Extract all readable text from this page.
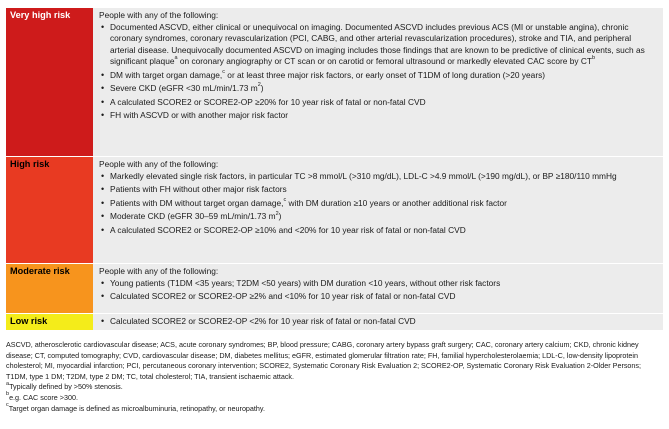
Very high risk	People with any of the following:
• Documented ASCVD, either clinical or unequivocal on imaging. Documented ASCVD includes previous ACS (MI or unstable angina), chronic coronary syndromes, coronary revascularization (PCI, CABG, and other arterial revascularization procedures), stroke and TIA, and peripheral arterial disease. Unequivocally documented ASCVD on imaging includes those findings that are known to be predictive of clinical events, such as significant plaque$^a$ on coronary angiography or CT scan or on carotid or femoral ultrasound or markedly elevated CAC score by $CT^b$
• DM with target organ damage,$^c$ or at least three major risk factors, or early onset of T1DM of long duration (>20 years)
• Severe CKD (eGFR <30 mL/min/1.73 $m^2$)
• A calculated SCORE2 or SCORE2-OP ≥20% for 10 year risk of fatal or non-fatal CVD
• FH with ASCVD or with another major risk factor
High risk	People with any of the following:
• Markedly elevated single risk factors, in particular TC >8 mmol/L (>310 mg/dL), LDL-C >4.9 mmol/L (>190 mg/dL), or BP ≥180/110 mmHg
• Patients with FH without other major risk factors
• Patients with DM without target organ damage,$^c$ with DM duration ≥10 years or another additional risk factor
• Moderate CKD (eGFR 30–59 mL/min/1.73 $m^2$)
• A calculated SCORE2 or SCORE2-OP ≥10% and <20% for 10 year risk of fatal or non-fatal CVD
Moderate risk	People with any of the following:
• Young patients (T1DM <35 years; T2DM <50 years) with DM duration <10 years, without other risk factors
• Calculated SCORE2 or SCORE2-OP ≥2% and <10% for 10 year risk of fatal or non-fatal CVD
Low risk
•	Calculated SCORE2 or SCORE2-OP <2% for 10 year risk of fatal or non-fatal CVD

ASCVD, atherosclerotic cardiovascular disease; ACS, acute coronary syndromes; BP, blood pressure; CABG, coronary artery bypass graft surgery; CAC, coronary artery calcium; CKD, chronic kidney disease; CT, computed tomography; CVD, cardiovascular disease; DM, diabetes mellitus; eGFR, estimated glomerular filtration rate; FH, familial hypercholesterolaemia; LDL-C, low-density lipoprotein cholesterol; MI, myocardial infarction; PCI, percutaneous coronary intervention; SCORE2, Systematic Coronary Risk Evaluation 2; SCORE2-OP, Systematic Coronary Risk Evaluation 2-Older Persons; T1DM, type 1 DM; T2DM, type 2 DM; TC, total cholesterol; TIA, transient ischaemic attack.

$^a$Typically defined by >50% stenosis.

$^b$e.g. CAC score >300.

$^c$Target organ damage is defined as microalbuminuria, retinopathy, or neuropathy.
